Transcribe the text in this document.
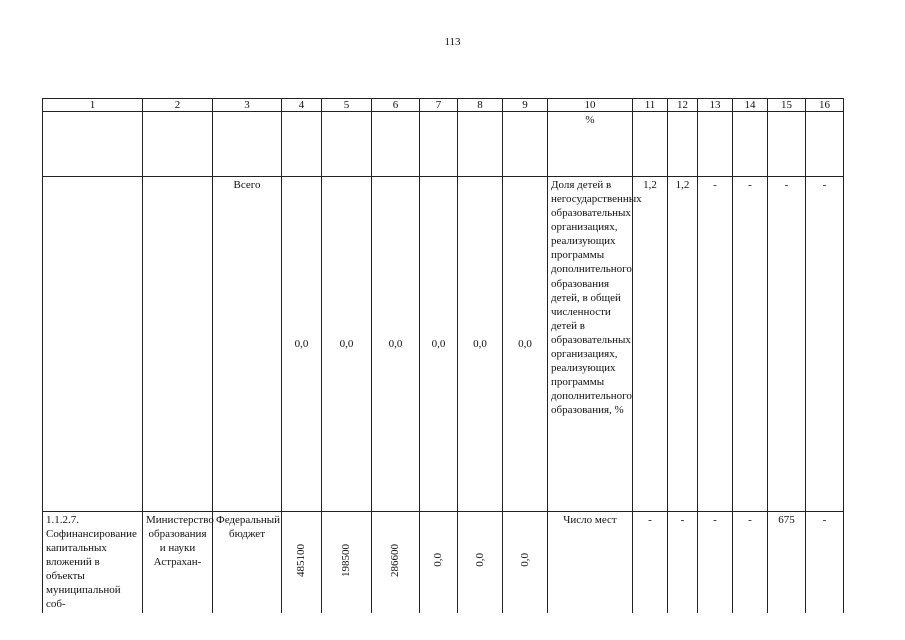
113
1	2	3	4	5	6	7	8	9	10	11	12	13	14	15	16
									%						
		Всего	0,0	0,0	0,0	0,0	0,0	0,0	Доля детей в негосударственных образовательных организациях, реализующих программы дополнительного образования детей, в общей численности детей в образовательных организациях, реализующих программы дополнительного образования, %	1,2	1,2	-	-	-	-
1.1.2.7. Софинансирование капитальных вложений в объекты муниципальной соб-	Министерство образования и науки Астрахан-	Федеральный бюджет	485100	198500	286600	0,0	0,0	0,0	Число мест	-	-	-	-	675	-
